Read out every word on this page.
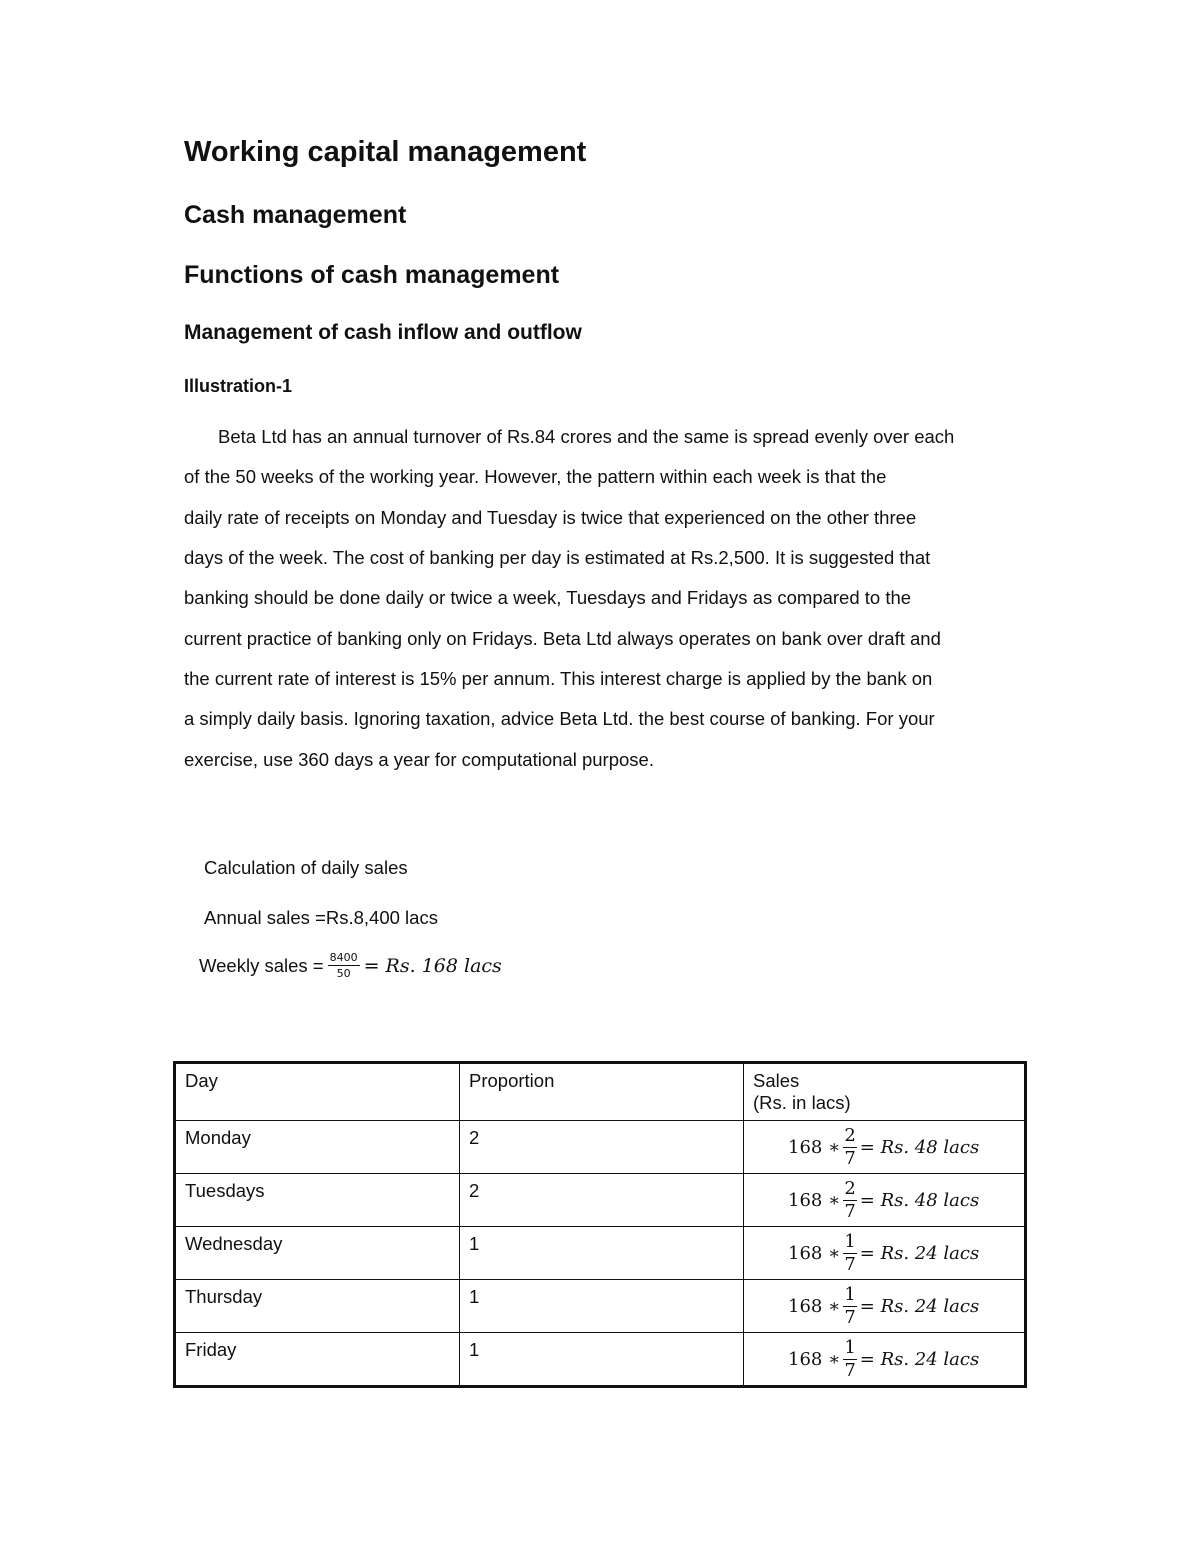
Working capital management
Cash management
Functions of cash management
Management of cash inflow and outflow
Illustration-1

Beta Ltd has an annual turnover of Rs.84 crores and the same is spread evenly over each

of the 50 weeks of the working year. However, the pattern within each week is that the

daily rate of receipts on Monday and Tuesday is twice that experienced on the other three

days of the week. The cost of banking per day is estimated at Rs.2,500. It is suggested that

banking should be done daily or twice a week, Tuesdays and Fridays as compared to the

current practice of banking only on Fridays. Beta Ltd always operates on bank over draft and

the current rate of interest is 15% per annum. This interest charge is applied by the bank on

a simply daily basis. Ignoring taxation, advice Beta Ltd. the best course of banking. For your

exercise, use 360 days a year for computational purpose.

Calculation of daily sales

Annual sales =Rs.8,400 lacs

Weekly sales = $\frac{8400}{50} = Rs$. 168 lacs
Day	Proportion	Sales
(Rs. in lacs)

Monday	2	168 ∗ $\frac{2}{7} = Rs$. 48 lacs

Tuesdays	2	168 ∗ $\frac{2}{7} = Rs$. 48 lacs

Wednesday	1	168 ∗ $\frac{1}{7} = Rs$. 24 lacs

Thursday	1	168 ∗ $\frac{1}{7} = Rs$. 24 lacs

Friday	1	168 ∗ $\frac{1}{7} = Rs$. 24 lacs
